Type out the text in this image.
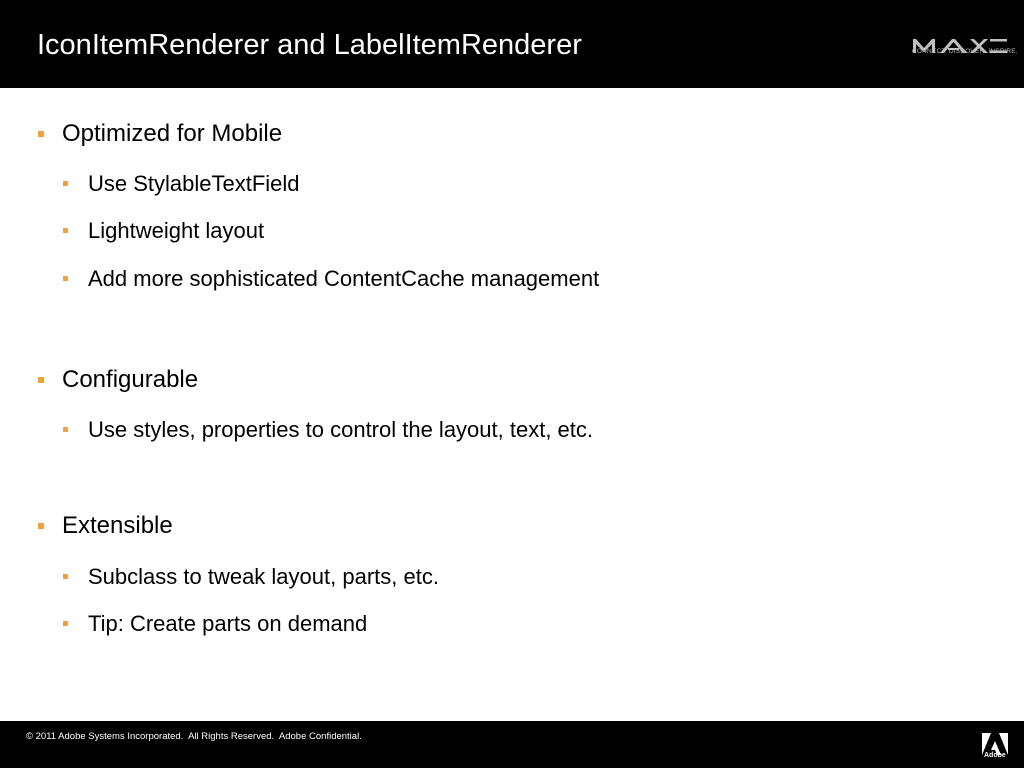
IconItemRenderer and LabelItemRenderer	CONNECT. DISCOVER. INSPIRE.
Optimized for Mobile
Use StylableTextField
Lightweight layout
Add more sophisticated ContentCache management
Configurable
Use styles, properties to control the layout, text, etc.
Extensible
Subclass to tweak layout, parts, etc.
Tip: Create parts on demand
© 2011 Adobe Systems Incorporated.  All Rights Reserved.  Adobe Confidential.
Adobe
